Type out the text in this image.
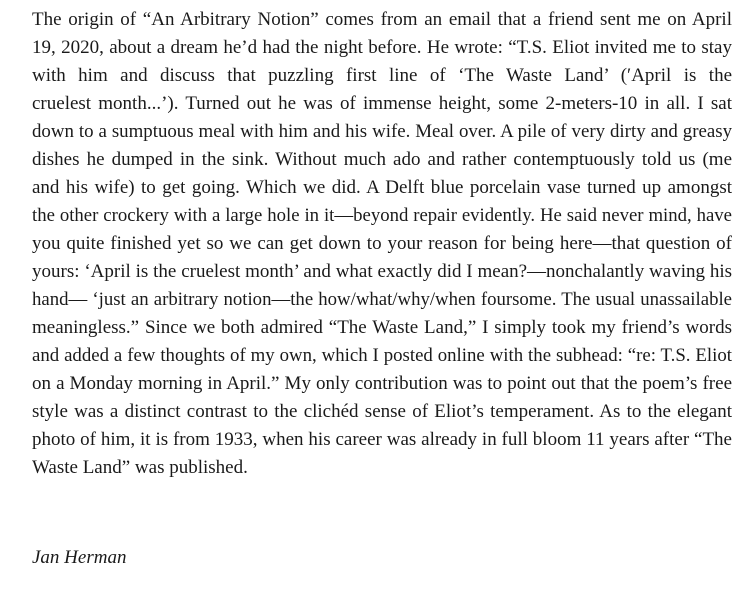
The origin of “An Arbitrary Notion” comes from an email that a friend sent me on April
19, 2020, about a dream he’d had the night before. He wrote: “T.S. Eliot invited me to stay
with him and discuss that puzzling first line of ‘The Waste Land’ (′April is the
cruelest month...’). Turned out he was of immense height, some 2-meters-10 in all. I sat
down to a sumptuous meal with him and his wife. Meal over. A pile of very dirty and greasy
dishes he dumped in the sink. Without much ado and rather contemptuously told us (me
and his wife) to get going. Which we did. A Delft blue porcelain vase turned up amongst
the other crockery with a large hole in it—beyond repair evidently. He said never mind, have
you quite finished yet so we can get down to your reason for being here—that question of
yours: ‘April is the cruelest month’ and what exactly did I mean?—nonchalantly waving his
hand— ‘just an arbitrary notion—the how/what/why/when foursome. The usual unassailable
meaningless.” Since we both admired “The Waste Land,” I simply took my friend’s words
and added a few thoughts of my own, which I posted online with the subhead: “re: T.S. Eliot
on a Monday morning in April.” My only contribution was to point out that the poem’s free
style was a distinct contrast to the clichéd sense of Eliot’s temperament. As to the elegant
photo of him, it is from 1933, when his career was already in full bloom 11 years after “The
Waste Land” was published.

Jan Herman
